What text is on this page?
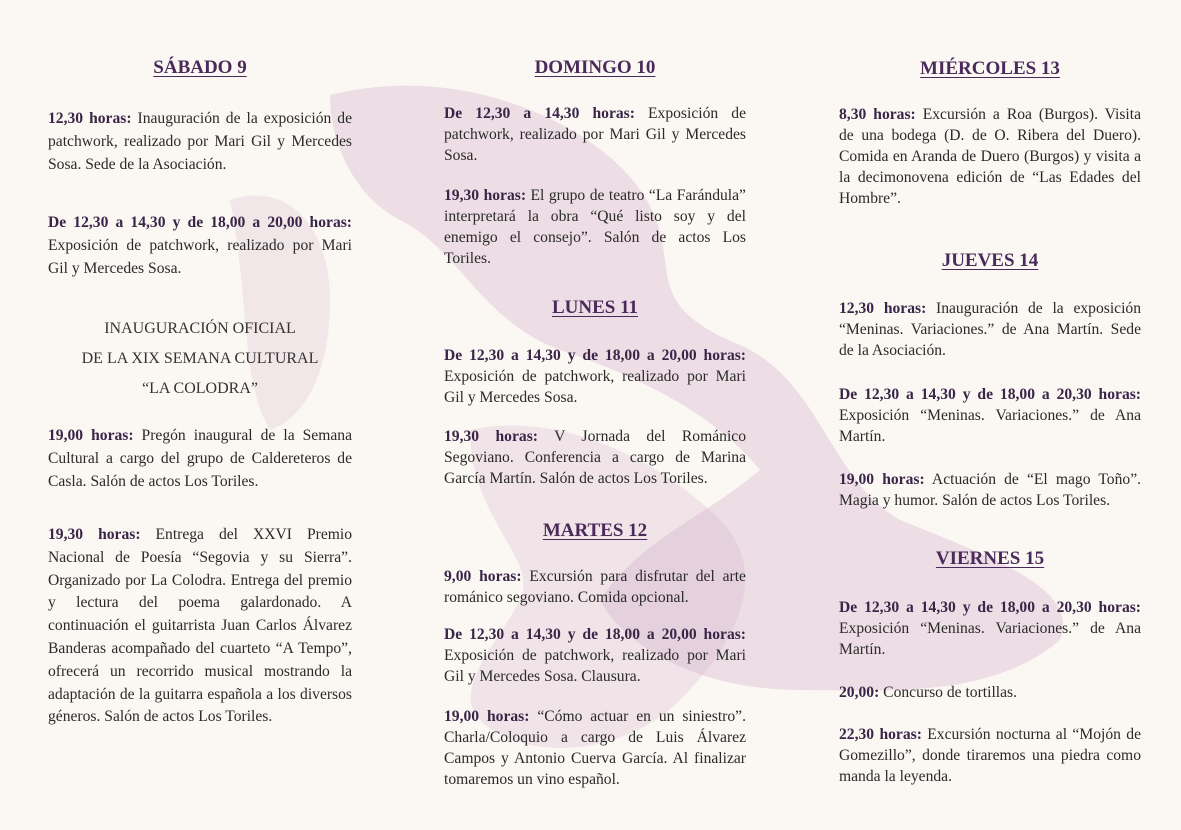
SÁBADO 9

12,30 horas: Inauguración de la exposición de patchwork, realizado por Mari Gil y Mercedes Sosa. Sede de la Asociación.

De 12,30 a 14,30 y de 18,00 a 20,00 horas: Exposición de patchwork, realizado por Mari Gil y Mercedes Sosa.

INAUGURACIÓN OFICIAL
DE LA XIX SEMANA CULTURAL
“LA COLODRA”

19,00 horas: Pregón inaugural de la Semana Cultural a cargo del grupo de Caldereteros de Casla. Salón de actos Los Toriles.

19,30 horas: Entrega del XXVI Premio Nacional de Poesía “Segovia y su Sierra”. Organizado por La Colodra. Entrega del premio y lectura del poema galardonado. A continuación el guitarrista Juan Carlos Álvarez Banderas acompañado del cuarteto “A Tempo”, ofrecerá un recorrido musical mostrando la adaptación de la guitarra española a los diversos géneros. Salón de actos Los Toriles.

DOMINGO 10

De 12,30 a 14,30 horas: Exposición de patchwork, realizado por Mari Gil y Mercedes Sosa.

19,30 horas: El grupo de teatro “La Farándula” interpretará la obra “Qué listo soy y del enemigo el consejo”. Salón de actos Los Toriles.

LUNES 11

De 12,30 a 14,30 y de 18,00 a 20,00 horas: Exposición de patchwork, realizado por Mari Gil y Mercedes Sosa.

19,30 horas: V Jornada del Románico Segoviano. Conferencia a cargo de Marina García Martín. Salón de actos Los Toriles.

MARTES 12

9,00 horas: Excursión para disfrutar del arte románico segoviano. Comida opcional.

De 12,30 a 14,30 y de 18,00 a 20,00 horas: Exposición de patchwork, realizado por Mari Gil y Mercedes Sosa. Clausura.

19,00 horas: “Cómo actuar en un siniestro”. Charla/Coloquio a cargo de Luis Álvarez Campos y Antonio Cuerva García. Al finalizar tomaremos un vino español.

MIÉRCOLES 13

8,30 horas: Excursión a Roa (Burgos). Visita de una bodega (D. de O. Ribera del Duero). Comida en Aranda de Duero (Burgos) y visita a la decimonovena edición de “Las Edades del Hombre”.

JUEVES 14

12,30 horas: Inauguración de la exposición “Meninas. Variaciones.” de Ana Martín. Sede de la Asociación.

De 12,30 a 14,30 y de 18,00 a 20,30 horas: Exposición “Meninas. Variaciones.” de Ana Martín.

19,00 horas: Actuación de “El mago Toño”. Magia y humor. Salón de actos Los Toriles.

VIERNES 15

De 12,30 a 14,30 y de 18,00 a 20,30 horas: Exposición “Meninas. Variaciones.” de Ana Martín.

20,00: Concurso de tortillas.

22,30 horas: Excursión nocturna al “Mojón de Gomezillo”, donde tiraremos una piedra como manda la leyenda.
